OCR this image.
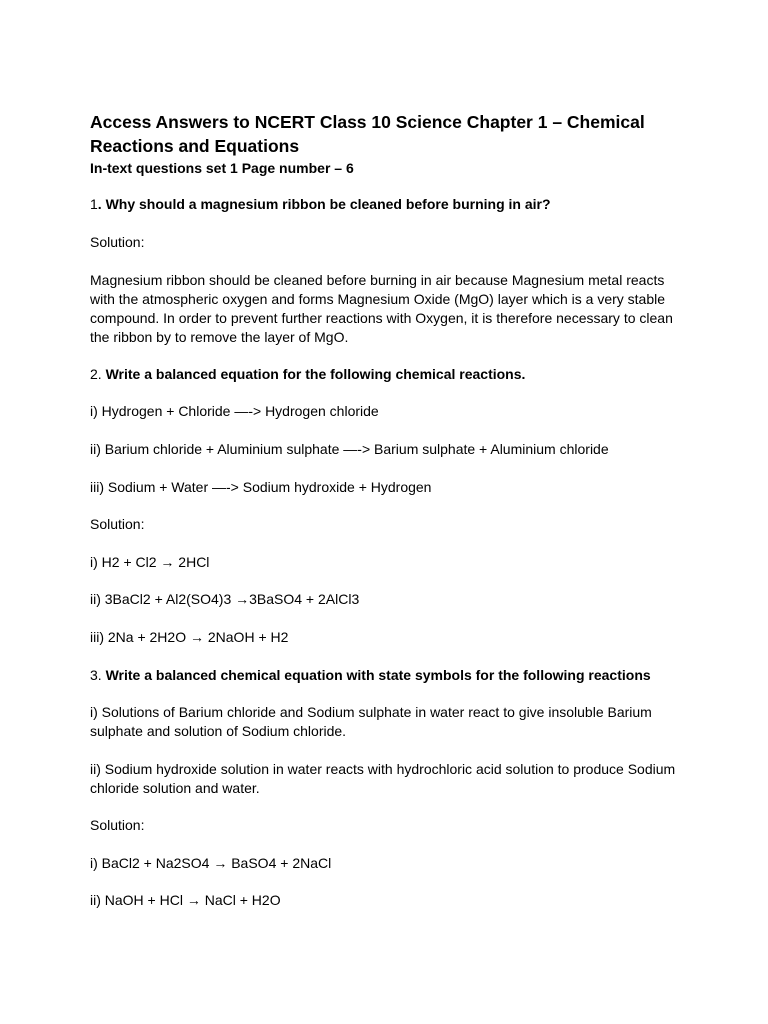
Access Answers to NCERT Class 10 Science Chapter 1 – Chemical Reactions and Equations

In-text questions set 1 Page number – 6

1. Why should a magnesium ribbon be cleaned before burning in air?

Solution:

Magnesium ribbon should be cleaned before burning in air because Magnesium metal reacts with the atmospheric oxygen and forms Magnesium Oxide (MgO) layer which is a very stable compound. In order to prevent further reactions with Oxygen, it is therefore necessary to clean the ribbon by to remove the layer of MgO.

2. Write a balanced equation for the following chemical reactions.

i) Hydrogen + Chloride —-> Hydrogen chloride

ii) Barium chloride + Aluminium sulphate —-> Barium sulphate + Aluminium chloride

iii) Sodium + Water —-> Sodium hydroxide + Hydrogen

Solution:

i) H2 + Cl2 → 2HCl

ii) 3BaCl2 + Al2(SO4)3 →3BaSO4 + 2AlCl3

iii) 2Na + 2H2O → 2NaOH + H2

3. Write a balanced chemical equation with state symbols for the following reactions

i) Solutions of Barium chloride and Sodium sulphate in water react to give insoluble Barium sulphate and solution of Sodium chloride.

ii) Sodium hydroxide solution in water reacts with hydrochloric acid solution to produce Sodium chloride solution and water.

Solution:

i) BaCl2 + Na2SO4 → BaSO4 + 2NaCl

ii) NaOH + HCl → NaCl + H2O
